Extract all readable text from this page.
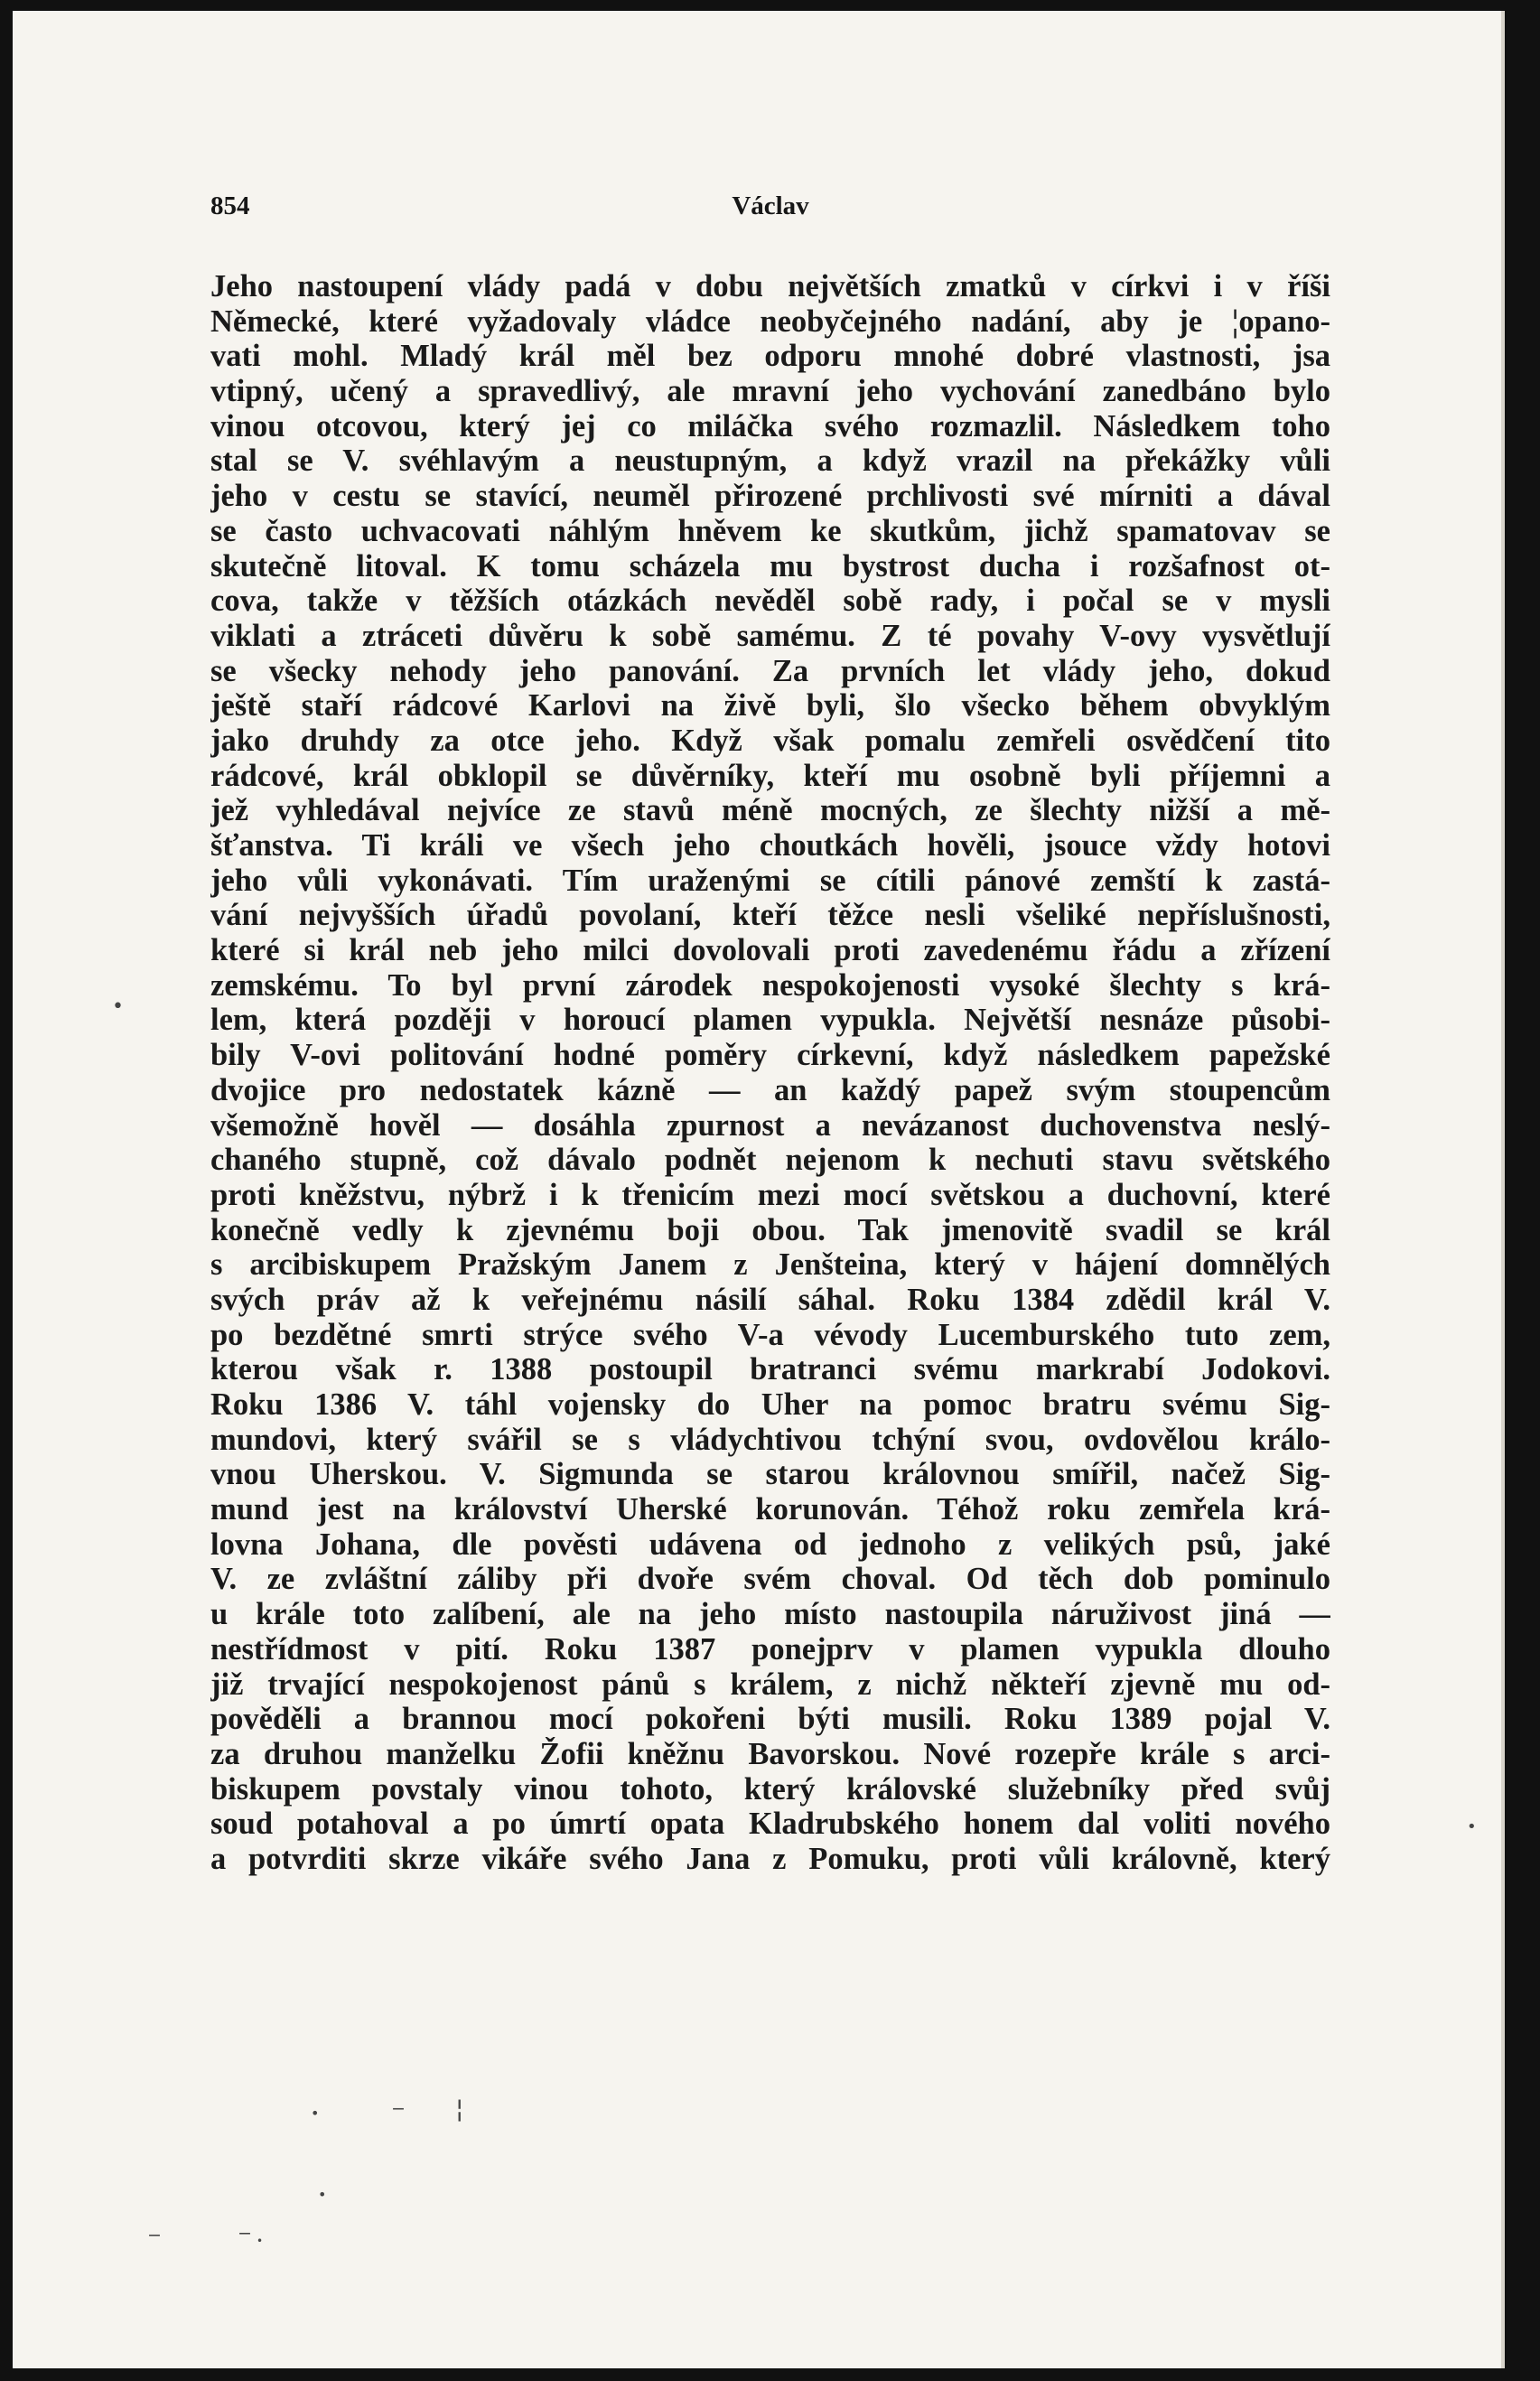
854	Václav
Jeho nastoupení vlády padá v dobu největších zmatků v církvi i v říši
Německé, které vyžadovaly vládce neobyčejného nadání, aby je ¦opano-
vati mohl. Mladý král měl bez odporu mnohé dobré vlastnosti, jsa
vtipný, učený a spravedlivý, ale mravní jeho vychování zanedbáno bylo
vinou otcovou, který jej co miláčka svého rozmazlil. Následkem toho
stal se V. svéhlavým a neustupným, a když vrazil na překážky vůli
jeho v cestu se stavící, neuměl přirozené prchlivosti své mírniti a dával
se často uchvacovati náhlým hněvem ke skutkům, jichž spamatovav se
skutečně litoval. K tomu scházela mu bystrost ducha i rozšafnost ot-
cova, takže v těžších otázkách nevěděl sobě rady, i počal se v mysli
viklati a ztráceti důvěru k sobě samému. Z té povahy V-ovy vysvětlují
se všecky nehody jeho panování. Za prvních let vlády jeho, dokud
ještě staří rádcové Karlovi na živě byli, šlo všecko během obvyklým
jako druhdy za otce jeho. Když však pomalu zemřeli osvědčení tito
rádcové, král obklopil se důvěrníky, kteří mu osobně byli příjemni a
jež vyhledával nejvíce ze stavů méně mocných, ze šlechty nižší a mě-
šťanstva. Ti králi ve všech jeho choutkách hověli, jsouce vždy hotovi
jeho vůli vykonávati. Tím uraženými se cítili pánové zemští k zastá-
vání nejvyšších úřadů povolaní, kteří těžce nesli všeliké nepříslušnosti,
které si král neb jeho milci dovolovali proti zavedenému řádu a zřízení
zemskému. To byl první zárodek nespokojenosti vysoké šlechty s krá-
lem, která později v horoucí plamen vypukla. Největší nesnáze působi-
bily V-ovi politování hodné poměry církevní, když následkem papežské
dvojice pro nedostatek kázně — an každý papež svým stoupencům
všemožně hověl — dosáhla zpurnost a nevázanost duchovenstva neslý-
chaného stupně, což dávalo podnět nejenom k nechuti stavu světského
proti kněžstvu, nýbrž i k třenicím mezi mocí světskou a duchovní, které
konečně vedly k zjevnému boji obou. Tak jmenovitě svadil se král
s arcibiskupem Pražským Janem z Jenšteina, který v hájení domnělých
svých práv až k veřejnému násilí sáhal. Roku 1384 zdědil král V.
po bezdětné smrti strýce svého V-a vévody Lucemburského tuto zem,
kterou však r. 1388 postoupil bratranci svému markrabí Jodokovi.
Roku 1386 V. táhl vojensky do Uher na pomoc bratru svému Sig-
mundovi, který svářil se s vládychtivou tchýní svou, ovdovělou králo-
vnou Uherskou. V. Sigmunda se starou královnou smířil, načež Sig-
mund jest na království Uherské korunován. Téhož roku zemřela krá-
lovna Johana, dle pověsti udávena od jednoho z velikých psů, jaké
V. ze zvláštní záliby při dvoře svém choval. Od těch dob pominulo
u krále toto zalíbení, ale na jeho místo nastoupila náruživost jiná —
nestřídmost v pití. Roku 1387 ponejprv v plamen vypukla dlouho
již trvající nespokojenost pánů s králem, z nichž někteří zjevně mu od-
pověděli a brannou mocí pokořeni býti musili. Roku 1389 pojal V.
za druhou manželku Žofii kněžnu Bavorskou. Nové rozepře krále s arci-
biskupem povstaly vinou tohoto, který královské služebníky před svůj
soud potahoval a po úmrtí opata Kladrubského honem dal voliti nového
a potvrditi skrze vikáře svého Jana z Pomuku, proti vůli královně, který
•
•
•	‒ ¦
•
‒	‒ •
